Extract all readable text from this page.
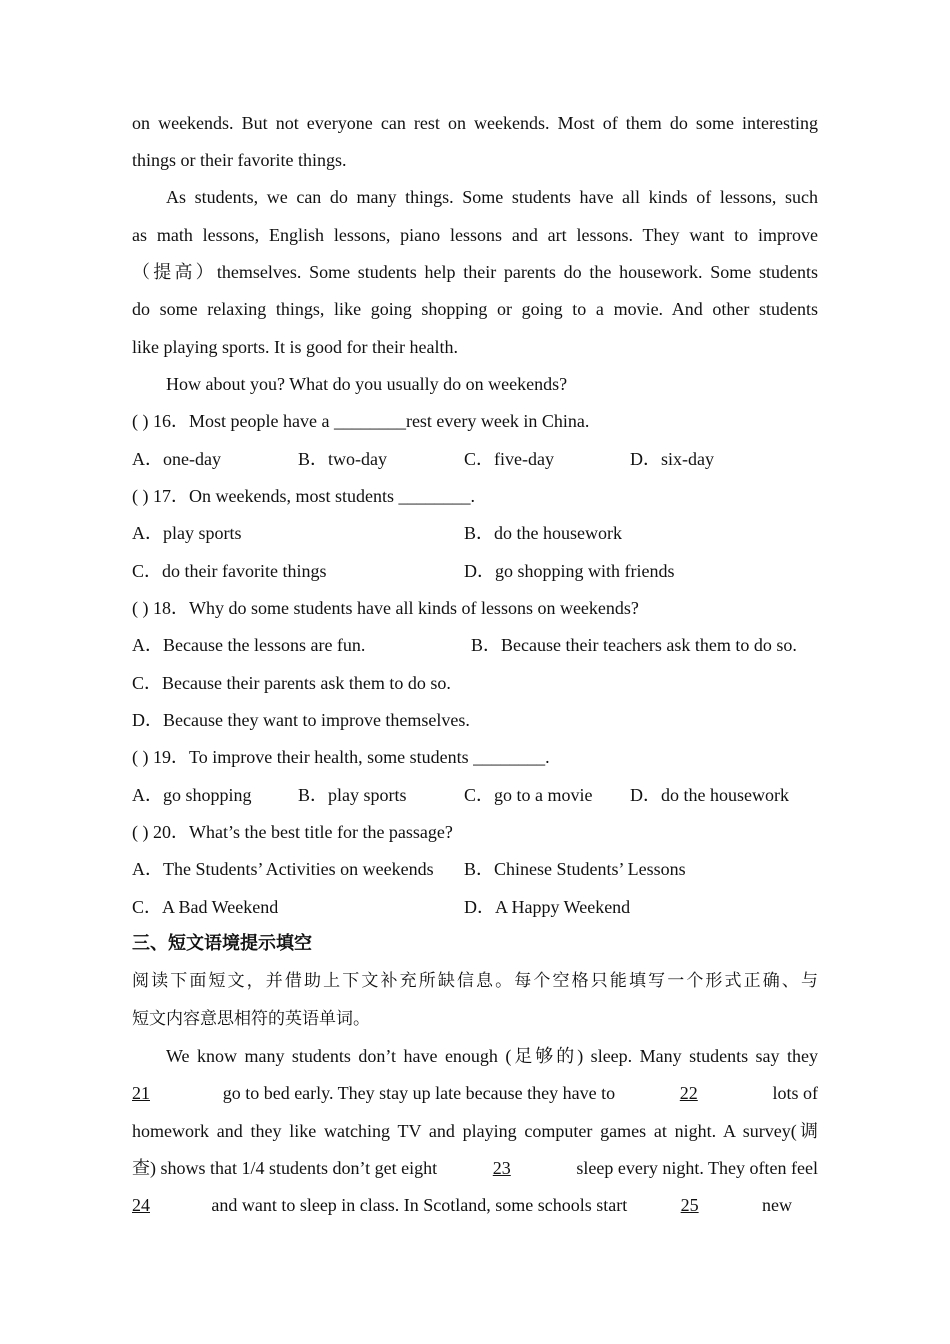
on weekends. But not everyone can rest on weekends. Most of them do some interesting
things or their favorite things.
As students, we can do many things. Some students have all kinds of lessons, such
as math lessons, English lessons, piano lessons and art lessons. They want to improve
（提高）themselves. Some students help their parents do the housework. Some students
do some relaxing things, like going shopping or going to a movie. And other students
like playing sports. It is good for their health.
How about you? What do you usually do on weekends?
( ) 16．Most people have a ________rest every week in China.
A．one-day	B．two-day	C．five-day	D．six-day
( ) 17．On weekends, most students ________.
A．play sports	B．do the housework
C．do their favorite things	D．go shopping with friends
( ) 18．Why do some students have all kinds of lessons on weekends?
A．Because the lessons are fun.	B．Because their teachers ask them to do so.
C．Because their parents ask them to do so.
D．Because they want to improve themselves.
( ) 19．To improve their health, some students ________.
A．go shopping	B．play sports	C．go to a movie D．do the housework
( ) 20．What’s the best title for the passage?
A．The Students’ Activities on weekends B．Chinese Students’ Lessons
C．A Bad Weekend	D．A Happy Weekend
三、短文语境提示填空
阅读下面短文，并借助上下文补充所缺信息。每个空格只能填写一个形式正确、与
短文内容意思相符的英语单词。
We know many students don’t have enough (足够的) sleep. Many students say they
21	go to bed early. They stay up late because they have to	22	lots of
homework and they like watching TV and playing computer games at night. A survey(调
查) shows that 1/4 students don’t get eight	23	sleep every night. They often feel
24	and want to sleep in class. In Scotland, some schools start	25	new
